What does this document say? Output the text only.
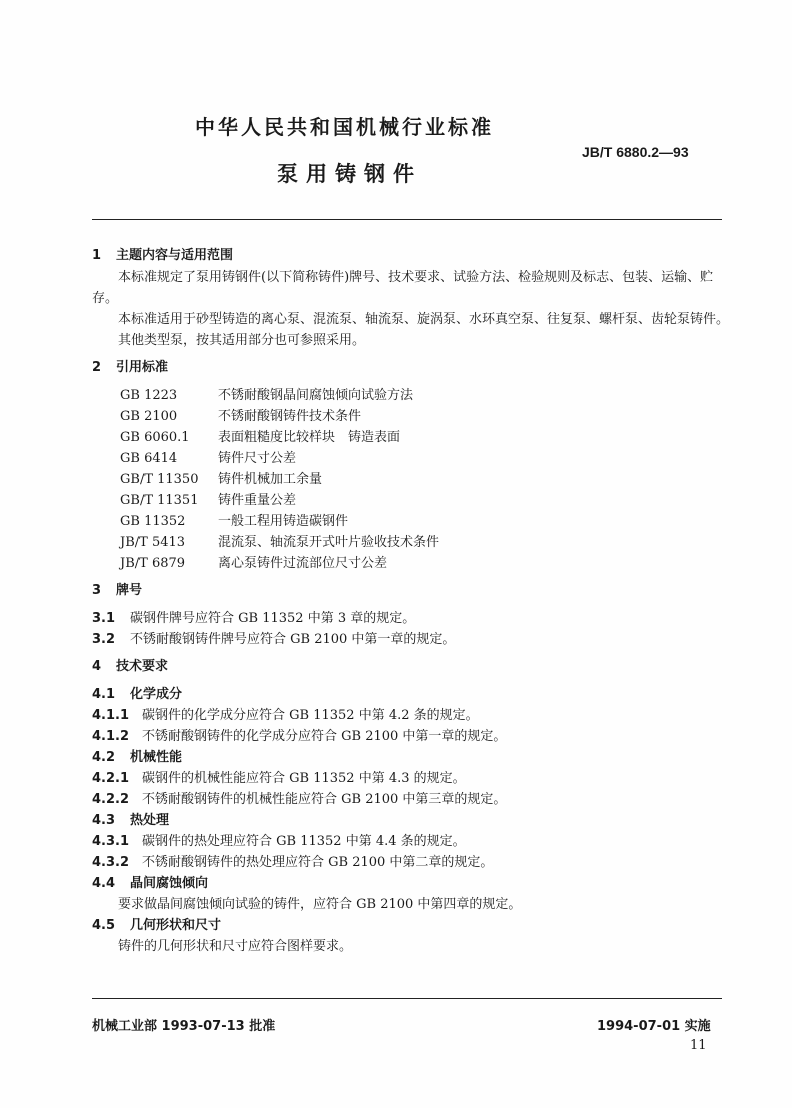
中华人民共和国机械行业标准
JB/T 6880.2—93
泵用铸钢件
1 主题内容与适用范围
本标准规定了泵用铸钢件(以下简称铸件)牌号、技术要求、试验方法、检验规则及标志、包装、运输、贮存。
本标准适用于砂型铸造的离心泵、混流泵、轴流泵、旋涡泵、水环真空泵、往复泵、螺杆泵、齿轮泵铸件。
其他类型泵，按其适用部分也可参照采用。
2 引用标准
GB 1223	不锈耐酸钢晶间腐蚀倾向试验方法
GB 2100	不锈耐酸钢铸件技术条件
GB 6060.1 表面粗糙度比较样块　铸造表面
GB 6414	铸件尺寸公差
GB/T 11350 铸件机械加工余量
GB/T 11351 铸件重量公差
GB 11352	一般工程用铸造碳钢件
JB/T 5413	混流泵、轴流泵开式叶片验收技术条件
JB/T 6879	离心泵铸件过流部位尺寸公差
3 牌号
3.1 碳钢件牌号应符合 GB 11352 中第 3 章的规定。
3.2 不锈耐酸钢铸件牌号应符合 GB 2100 中第一章的规定。
4 技术要求
4.1 化学成分
4.1.1 碳钢件的化学成分应符合 GB 11352 中第 4.2 条的规定。
4.1.2 不锈耐酸钢铸件的化学成分应符合 GB 2100 中第一章的规定。
4.2 机械性能
4.2.1 碳钢件的机械性能应符合 GB 11352 中第 4.3 的规定。
4.2.2 不锈耐酸钢铸件的机械性能应符合 GB 2100 中第三章的规定。
4.3 热处理
4.3.1 碳钢件的热处理应符合 GB 11352 中第 4.4 条的规定。
4.3.2 不锈耐酸钢铸件的热处理应符合 GB 2100 中第二章的规定。
4.4 晶间腐蚀倾向
要求做晶间腐蚀倾向试验的铸件，应符合 GB 2100 中第四章的规定。
4.5 几何形状和尺寸
铸件的几何形状和尺寸应符合图样要求。
机械工业部 1993-07-13 批准	1994-07-01 实施
11
